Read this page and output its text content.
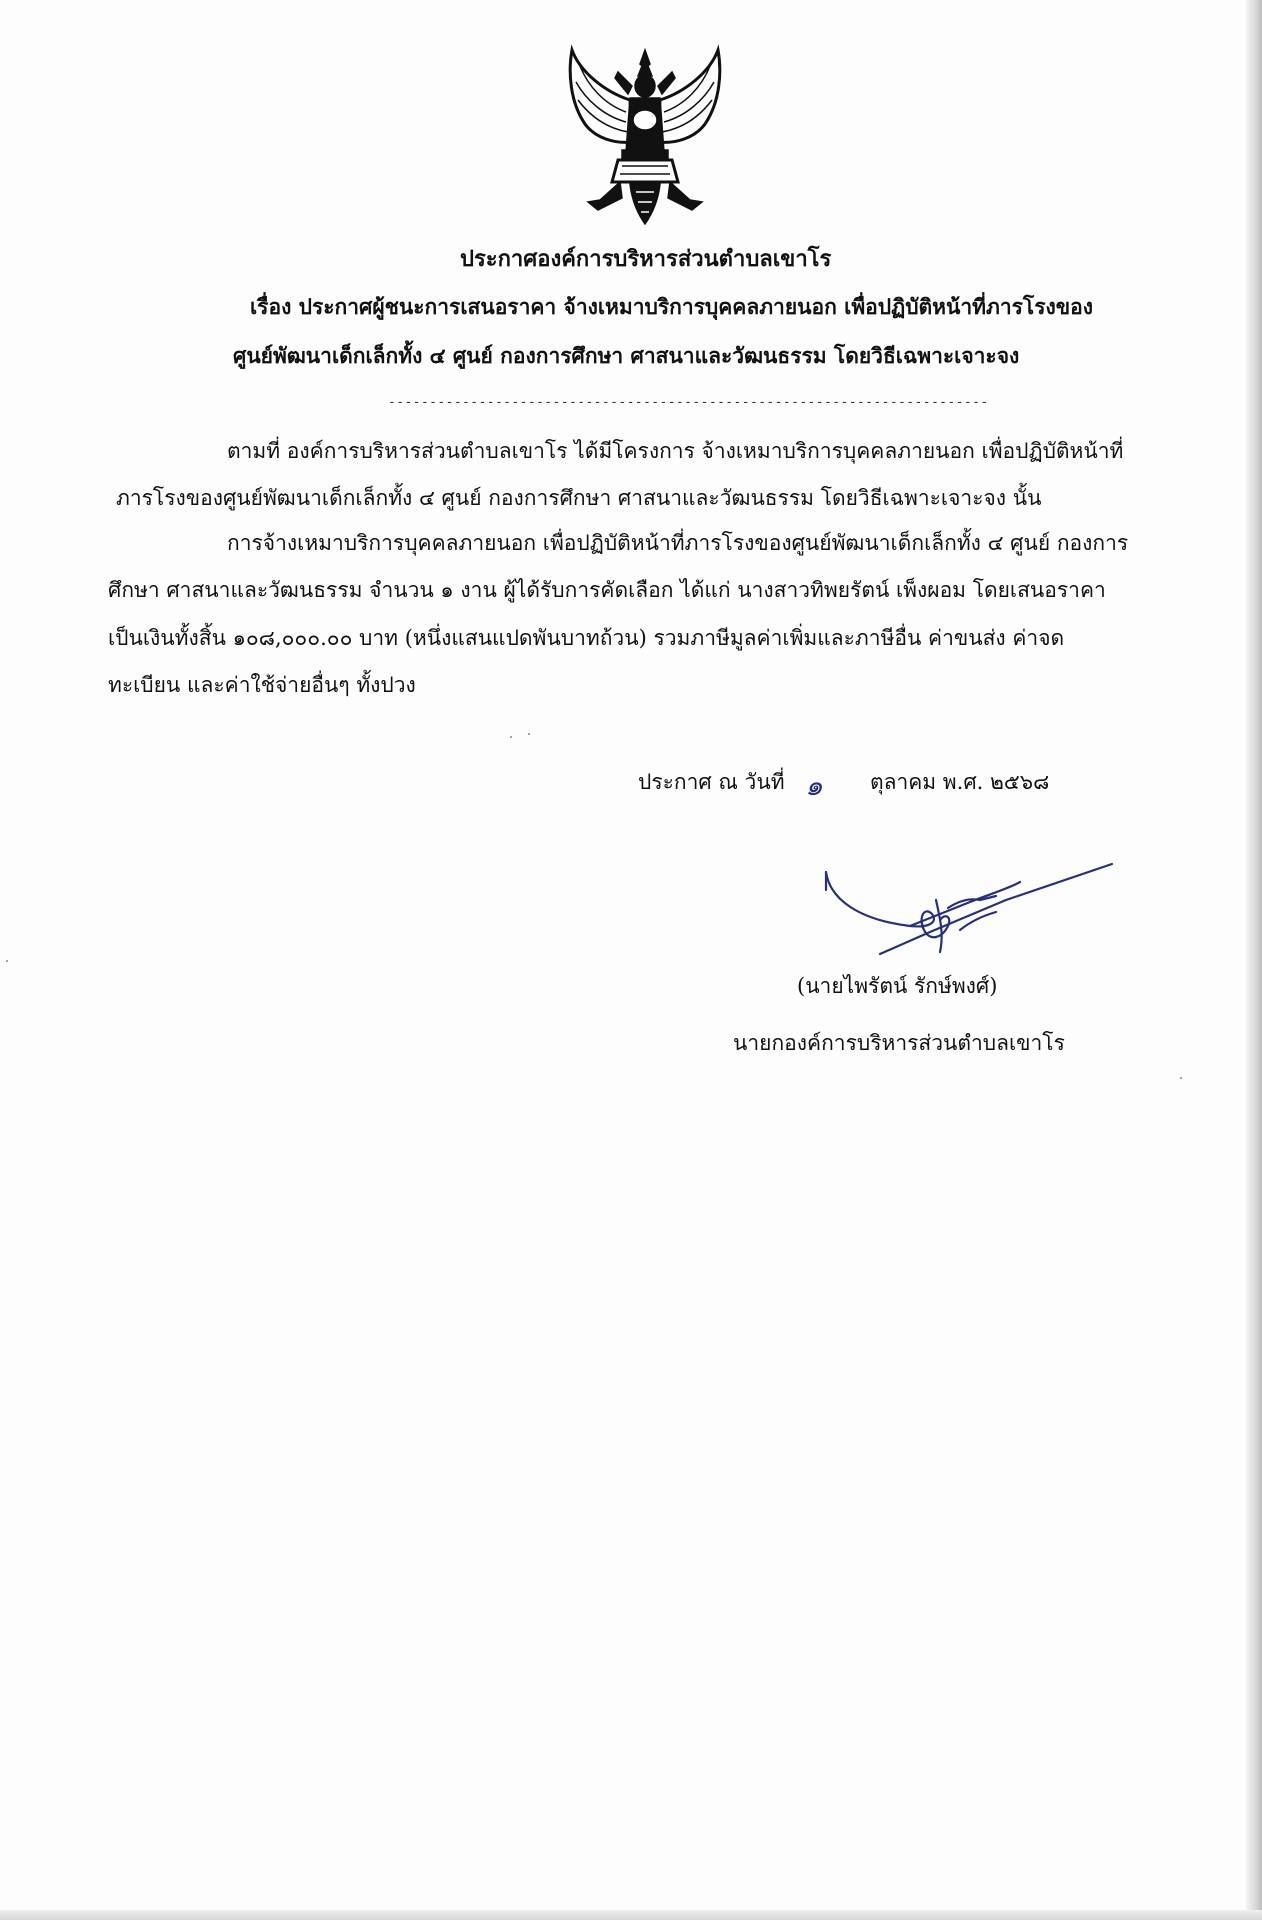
ประกาศองค์การบริหารส่วนตำบลเขาโร
เรื่อง ประกาศผู้ชนะการเสนอราคา จ้างเหมาบริการบุคคลภายนอก เพื่อปฏิบัติหน้าที่ภารโรงของ
ศูนย์พัฒนาเด็กเล็กทั้ง ๔ ศูนย์ กองการศึกษา ศาสนาและวัฒนธรรม โดยวิธีเฉพาะเจาะจง
-------------------------------------------------------------------------
ตามที่ องค์การบริหารส่วนตำบลเขาโร ได้มีโครงการ จ้างเหมาบริการบุคคลภายนอก เพื่อปฏิบัติหน้าที่
ภารโรงของศูนย์พัฒนาเด็กเล็กทั้ง ๔ ศูนย์ กองการศึกษา ศาสนาและวัฒนธรรม โดยวิธีเฉพาะเจาะจง นั้น
การจ้างเหมาบริการบุคคลภายนอก เพื่อปฏิบัติหน้าที่ภารโรงของศูนย์พัฒนาเด็กเล็กทั้ง ๔ ศูนย์ กองการ
ศึกษา ศาสนาและวัฒนธรรม จำนวน ๑ งาน ผู้ได้รับการคัดเลือก ได้แก่ นางสาวทิพยรัตน์ เพ็งผอม โดยเสนอราคา
เป็นเงินทั้งสิ้น ๑๐๘,๐๐๐.๐๐ บาท (หนึ่งแสนแปดพันบาทถ้วน) รวมภาษีมูลค่าเพิ่มและภาษีอื่น ค่าขนส่ง ค่าจด
ทะเบียน และค่าใช้จ่ายอื่นๆ ทั้งปวง
ประกาศ ณ วันที่	ตุลาคม พ.ศ. ๒๕๖๘
๑
(นายไพรัตน์ รักษ์พงศ์)
นายกองค์การบริหารส่วนตำบลเขาโร
